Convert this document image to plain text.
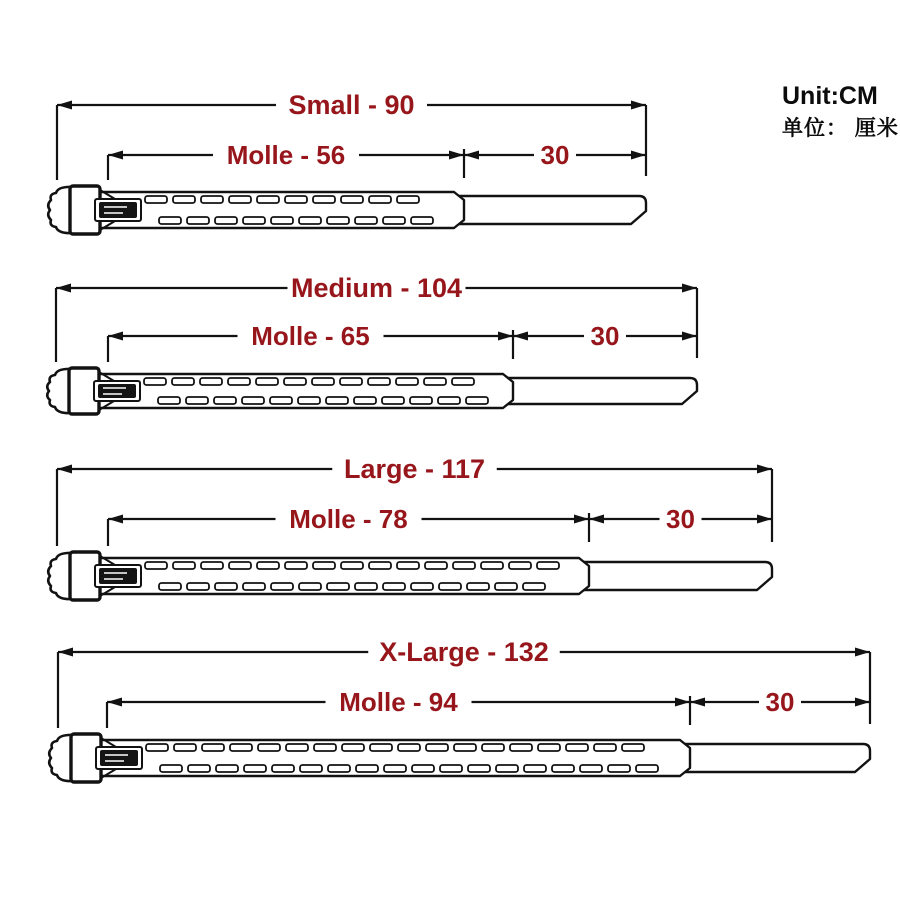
Small - 90
Molle - 56	30
Medium - 104
Molle - 65	30
Large - 117
Molle - 78	30
X-Large - 132
Molle - 94	30
Unit:CM
单位： 厘米
